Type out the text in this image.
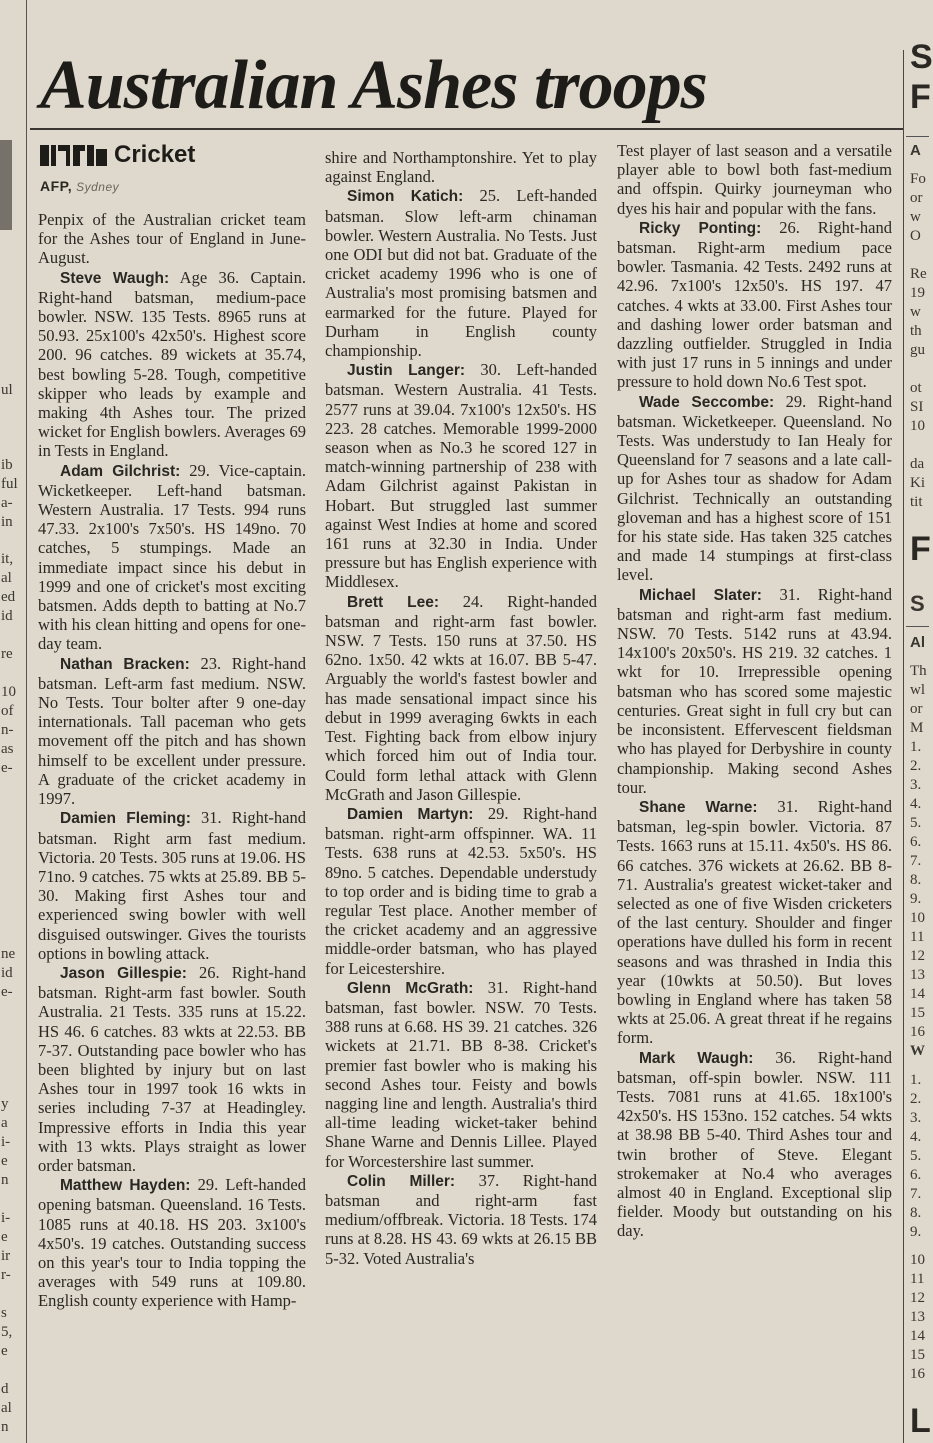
ul
ib
ful
a-
in
it,
al
ed
id
re
10
of
n-
as
e-
ne
id
e-
y
a
i-
e
n
i-
e
ir
r-
s
5,
e
d
al
n
Australian Ashes troops
Cricket
AFP, Sydney

Penpix of the Australian cricket team for the Ashes tour of England in June-August.

Steve Waugh: Age 36. Captain. Right-hand batsman, medium-pace bowler. NSW. 135 Tests. 8965 runs at 50.93. 25x100's 42x50's. Highest score 200. 96 catches. 89 wickets at 35.74, best bowling 5-28. Tough, competitive skipper who leads by example and making 4th Ashes tour. The prized wicket for English bowlers. Averages 69 in Tests in England.

Adam Gilchrist: 29. Vice-captain. Wicketkeeper. Left-hand batsman. Western Australia. 17 Tests. 994 runs 47.33. 2x100's 7x50's. HS 149no. 70 catches, 5 stumpings. Made an immediate impact since his debut in 1999 and one of cricket's most exciting batsmen. Adds depth to batting at No.7 with his clean hitting and opens for one-day team.

Nathan Bracken: 23. Right-hand batsman. Left-arm fast medium. NSW. No Tests. Tour bolter after 9 one-day internationals. Tall paceman who gets movement off the pitch and has shown himself to be excellent under pressure. A graduate of the cricket academy in 1997.

Damien Fleming: 31. Right-hand batsman. Right arm fast medium. Victoria. 20 Tests. 305 runs at 19.06. HS 71no. 9 catches. 75 wkts at 25.89. BB 5-30. Making first Ashes tour and experienced swing bowler with well disguised outswinger. Gives the tourists options in bowling attack.

Jason Gillespie: 26. Right-hand batsman. Right-arm fast bowler. South Australia. 21 Tests. 335 runs at 15.22. HS 46. 6 catches. 83 wkts at 22.53. BB 7-37. Outstanding pace bowler who has been blighted by injury but on last Ashes tour in 1997 took 16 wkts in series including 7-37 at Headingley. Impressive efforts in India this year with 13 wkts. Plays straight as lower order batsman.

Matthew Hayden: 29. Left-handed opening batsman. Queensland. 16 Tests. 1085 runs at 40.18. HS 203. 3x100's 4x50's. 19 catches. Outstanding success on this year's tour to India topping the averages with 549 runs at 109.80. English county experience with Hamp-

shire and Northamptonshire. Yet to play against England.

Simon Katich: 25. Left-handed batsman. Slow left-arm chinaman bowler. Western Australia. No Tests. Just one ODI but did not bat. Graduate of the cricket academy 1996 who is one of Australia's most promising batsmen and earmarked for the future. Played for Durham in English county championship.

Justin Langer: 30. Left-handed batsman. Western Australia. 41 Tests. 2577 runs at 39.04. 7x100's 12x50's. HS 223. 28 catches. Memorable 1999-2000 season when as No.3 he scored 127 in match-winning partnership of 238 with Adam Gilchrist against Pakistan in Hobart. But struggled last summer against West Indies at home and scored 161 runs at 32.30 in India. Under pressure but has English experience with Middlesex.

Brett Lee: 24. Right-handed batsman and right-arm fast bowler. NSW. 7 Tests. 150 runs at 37.50. HS 62no. 1x50. 42 wkts at 16.07. BB 5-47. Arguably the world's fastest bowler and has made sensational impact since his debut in 1999 averaging 6wkts in each Test. Fighting back from elbow injury which forced him out of India tour. Could form lethal attack with Glenn McGrath and Jason Gillespie.

Damien Martyn: 29. Right-hand batsman. right-arm offspinner. WA. 11 Tests. 638 runs at 42.53. 5x50's. HS 89no. 5 catches. Dependable understudy to top order and is biding time to grab a regular Test place. Another member of the cricket academy and an aggressive middle-order batsman, who has played for Leicestershire.

Glenn McGrath: 31. Right-hand batsman, fast bowler. NSW. 70 Tests. 388 runs at 6.68. HS 39. 21 catches. 326 wickets at 21.71. BB 8-38. Cricket's premier fast bowler who is making his second Ashes tour. Feisty and bowls nagging line and length. Australia's third all-time leading wicket-taker behind Shane Warne and Dennis Lillee. Played for Worcestershire last summer.

Colin Miller: 37. Right-hand batsman and right-arm fast medium/offbreak. Victoria. 18 Tests. 174 runs at 8.28. HS 43. 69 wkts at 26.15 BB 5-32. Voted Australia's

Test player of last season and a versatile player able to bowl both fast-medium and offspin. Quirky journeyman who dyes his hair and popular with the fans.

Ricky Ponting: 26. Right-hand batsman. Right-arm medium pace bowler. Tasmania. 42 Tests. 2492 runs at 42.96. 7x100's 12x50's. HS 197. 47 catches. 4 wkts at 33.00. First Ashes tour and dashing lower order batsman and dazzling outfielder. Struggled in India with just 17 runs in 5 innings and under pressure to hold down No.6 Test spot.

Wade Seccombe: 29. Right-hand batsman. Wicketkeeper. Queensland. No Tests. Was understudy to Ian Healy for Queensland for 7 seasons and a late call-up for Ashes tour as shadow for Adam Gilchrist. Technically an outstanding gloveman and has a highest score of 151 for his state side. Has taken 325 catches and made 14 stumpings at first-class level.

Michael Slater: 31. Right-hand batsman and right-arm fast medium. NSW. 70 Tests. 5142 runs at 43.94. 14x100's 20x50's. HS 219. 32 catches. 1 wkt for 10. Irrepressible opening batsman who has scored some majestic centuries. Great sight in full cry but can be inconsistent. Effervescent fieldsman who has played for Derbyshire in county championship. Making second Ashes tour.

Shane Warne: 31. Right-hand batsman, leg-spin bowler. Victoria. 87 Tests. 1663 runs at 15.11. 4x50's. HS 86. 66 catches. 376 wickets at 26.62. BB 8-71. Australia's greatest wicket-taker and selected as one of five Wisden cricketers of the last century. Shoulder and finger operations have dulled his form in recent seasons and was thrashed in India this year (10wkts at 50.50). But loves bowling in England where has taken 58 wkts at 25.06. A great threat if he regains form.

Mark Waugh: 36. Right-hand batsman, off-spin bowler. NSW. 111 Tests. 7081 runs at 41.65. 18x100's 42x50's. HS 153no. 152 catches. 54 wkts at 38.98 BB 5-40. Third Ashes tour and twin brother of Steve. Elegant strokemaker at No.4 who averages almost 40 in England. Exceptional slip fielder. Moody but outstanding on his day.

S
F
A
Fo
or
w
O
Re
19
w
th
gu
ot
SI
10
da
Ki
tit
F
S
Al
Th
wl
or
M
1.
2.
3.
4.
5.
6.
7.
8.
9.
10
11
12
13
14
15
16
W
1.
2.
3.
4.
5.
6.
7.
8.
9.
10
11
12
13
14
15
16
L
